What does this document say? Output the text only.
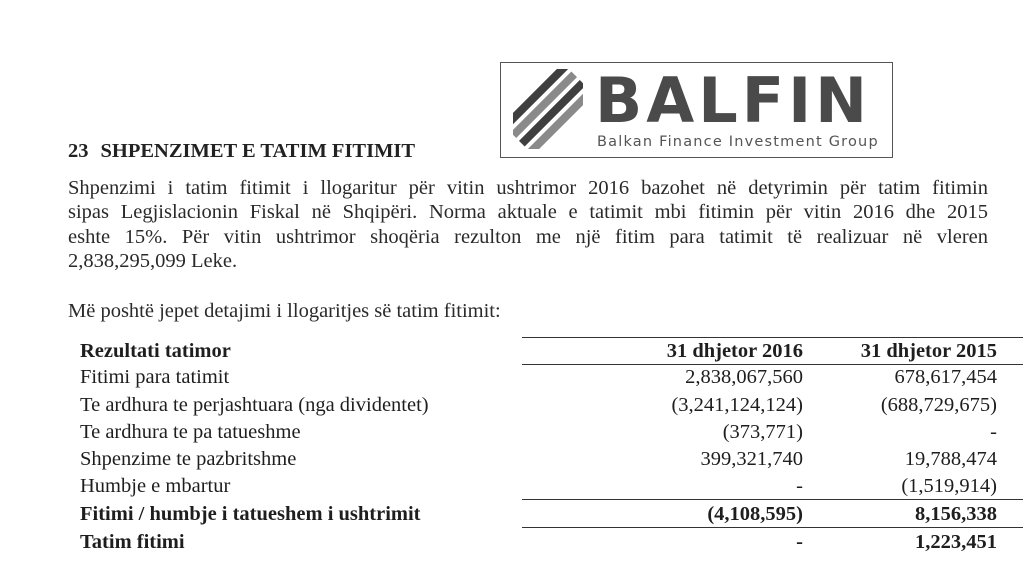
BALFIN
Balkan Finance Investment Group
23 SHPENZIMET E TATIM FITIMIT
Shpenzimi i tatim fitimit i llogaritur për vitin ushtrimor 2016 bazohet në detyrimin për tatim fitimin
sipas Legjislacionin Fiskal në Shqipëri. Norma aktuale e tatimit mbi fitimin për vitin 2016 dhe 2015
eshte 15%. Për vitin ushtrimor shoqëria rezulton me një fitim para tatimit të realizuar në vleren
2,838,295,099 Leke.
Më poshtë jepet detajimi i llogaritjes së tatim fitimit:
Rezultati tatimor	31 dhjetor 2016	31 dhjetor 2015
Fitimi para tatimit	2,838,067,560	678,617,454
Te ardhura te perjashtuara (nga dividentet)	(3,241,124,124)	(688,729,675)
Te ardhura te pa tatueshme	(373,771)	-
Shpenzime te pazbritshme	399,321,740	19,788,474
Humbje e mbartur	-	(1,519,914)
Fitimi / humbje i tatueshem i ushtrimit	(4,108,595)	8,156,338
Tatim fitimi	-	1,223,451
